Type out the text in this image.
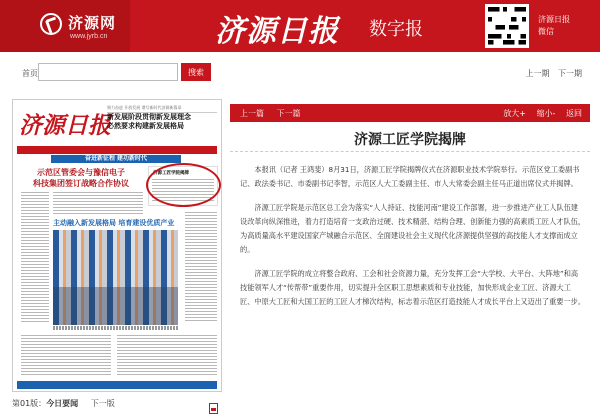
济源网
www.jyrb.cn	济源日报 数字报	济源日报
微信
首页	搜索	上一期 下一期
济源日报
聚力奋进 开放发展 谱写新时代济源新篇章
新发展阶段贯彻新发展理念
必然要求构建新发展格局
奋进新征程 建功新时代
示范区管委会与豫信电子
科技集团签订战略合作协议
济源工匠学院揭牌
主动融入新发展格局 培育建设优质产业
第01版：今日要闻 下一版
上一篇 下一篇	放大+ 缩小- 返回
济源工匠学院揭牌

本报讯（记者 王鸿斐）8月31日，济源工匠学院揭牌仪式在济源职业技术学院举行。示范区党工委副书记、政法委书记、市委副书记李智，示范区人大工委副主任、市人大常委会副主任马正道出席仪式并揭牌。

济源工匠学院是示范区总工会为落实“人人持证、技能河南”建设工作部署，进一步推进产业工人队伍建设改革向纵深推进，着力打造培育一支政治过硬、技术精湛、结构合理、创新能力强的高素质工匠人才队伍，为高质量高水平建设国家产城融合示范区、全面建设社会主义现代化济源提供坚强的高技能人才支撑而成立的。

济源工匠学院的成立将整合政府、工会和社会资源力量，充分发挥工会“大学校、大平台、大阵地”和高技能领军人才“传帮带”重要作用，切实提升全区职工思想素质和专业技能，加快形成企业工匠、济源大工匠、中原大工匠和大国工匠的工匠人才梯次结构，标志着示范区打造技能人才成长平台上又迈出了重要一步。
